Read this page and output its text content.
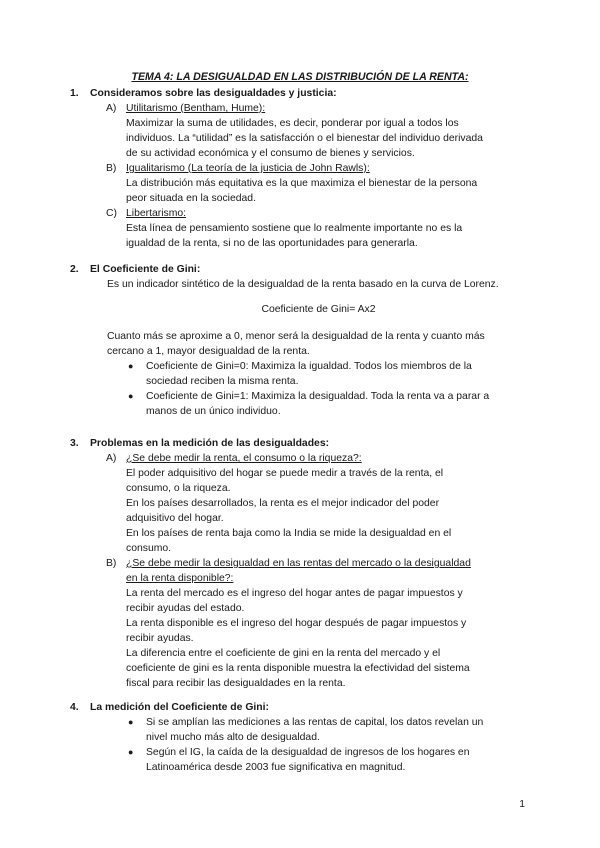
TEMA 4: LA DESIGUALDAD EN LAS DISTRIBUCIÓN DE LA RENTA:
1. Consideramos sobre las desigualdades y justicia:
A) Utilitarismo (Bentham, Hume):
Maximizar la suma de utilidades, es decir, ponderar por igual a todos los
individuos. La “utilidad” es la satisfacción o el bienestar del individuo derivada
de su actividad económica y el consumo de bienes y servicios.
B) Igualitarismo (La teoría de la justicia de John Rawls):
La distribución más equitativa es la que maximiza el bienestar de la persona
peor situada en la sociedad.
C) Libertarismo:
Esta línea de pensamiento sostiene que lo realmente importante no es la
igualdad de la renta, si no de las oportunidades para generarla.
2. El Coeficiente de Gini:
Es un indicador sintético de la desigualdad de la renta basado en la curva de Lorenz.
Coeficiente de Gini= Ax2
Cuanto más se aproxime a 0, menor será la desigualdad de la renta y cuanto más
cercano a 1, mayor desigualdad de la renta.
● Coeficiente de Gini=0: Maximiza la igualdad. Todos los miembros de la
sociedad reciben la misma renta.
● Coeficiente de Gini=1: Maximiza la desigualdad. Toda la renta va a parar a
manos de un único individuo.
3. Problemas en la medición de las desigualdades:
A) ¿Se debe medir la renta, el consumo o la riqueza?:
El poder adquisitivo del hogar se puede medir a través de la renta, el
consumo, o la riqueza.
En los países desarrollados, la renta es el mejor indicador del poder
adquisitivo del hogar.
En los países de renta baja como la India se mide la desigualdad en el
consumo.
B) ¿Se debe medir la desigualdad en las rentas del mercado o la desigualdad
en la renta disponible?:
La renta del mercado es el ingreso del hogar antes de pagar impuestos y
recibir ayudas del estado.
La renta disponible es el ingreso del hogar después de pagar impuestos y
recibir ayudas.
La diferencia entre el coeficiente de gini en la renta del mercado y el
coeficiente de gini es la renta disponible muestra la efectividad del sistema
fiscal para recibir las desigualdades en la renta.
4. La medición del Coeficiente de Gini:
● Si se amplían las mediciones a las rentas de capital, los datos revelan un
nivel mucho más alto de desigualdad.
● Según el IG, la caída de la desigualdad de ingresos de los hogares en
Latinoamérica desde 2003 fue significativa en magnitud.
1
